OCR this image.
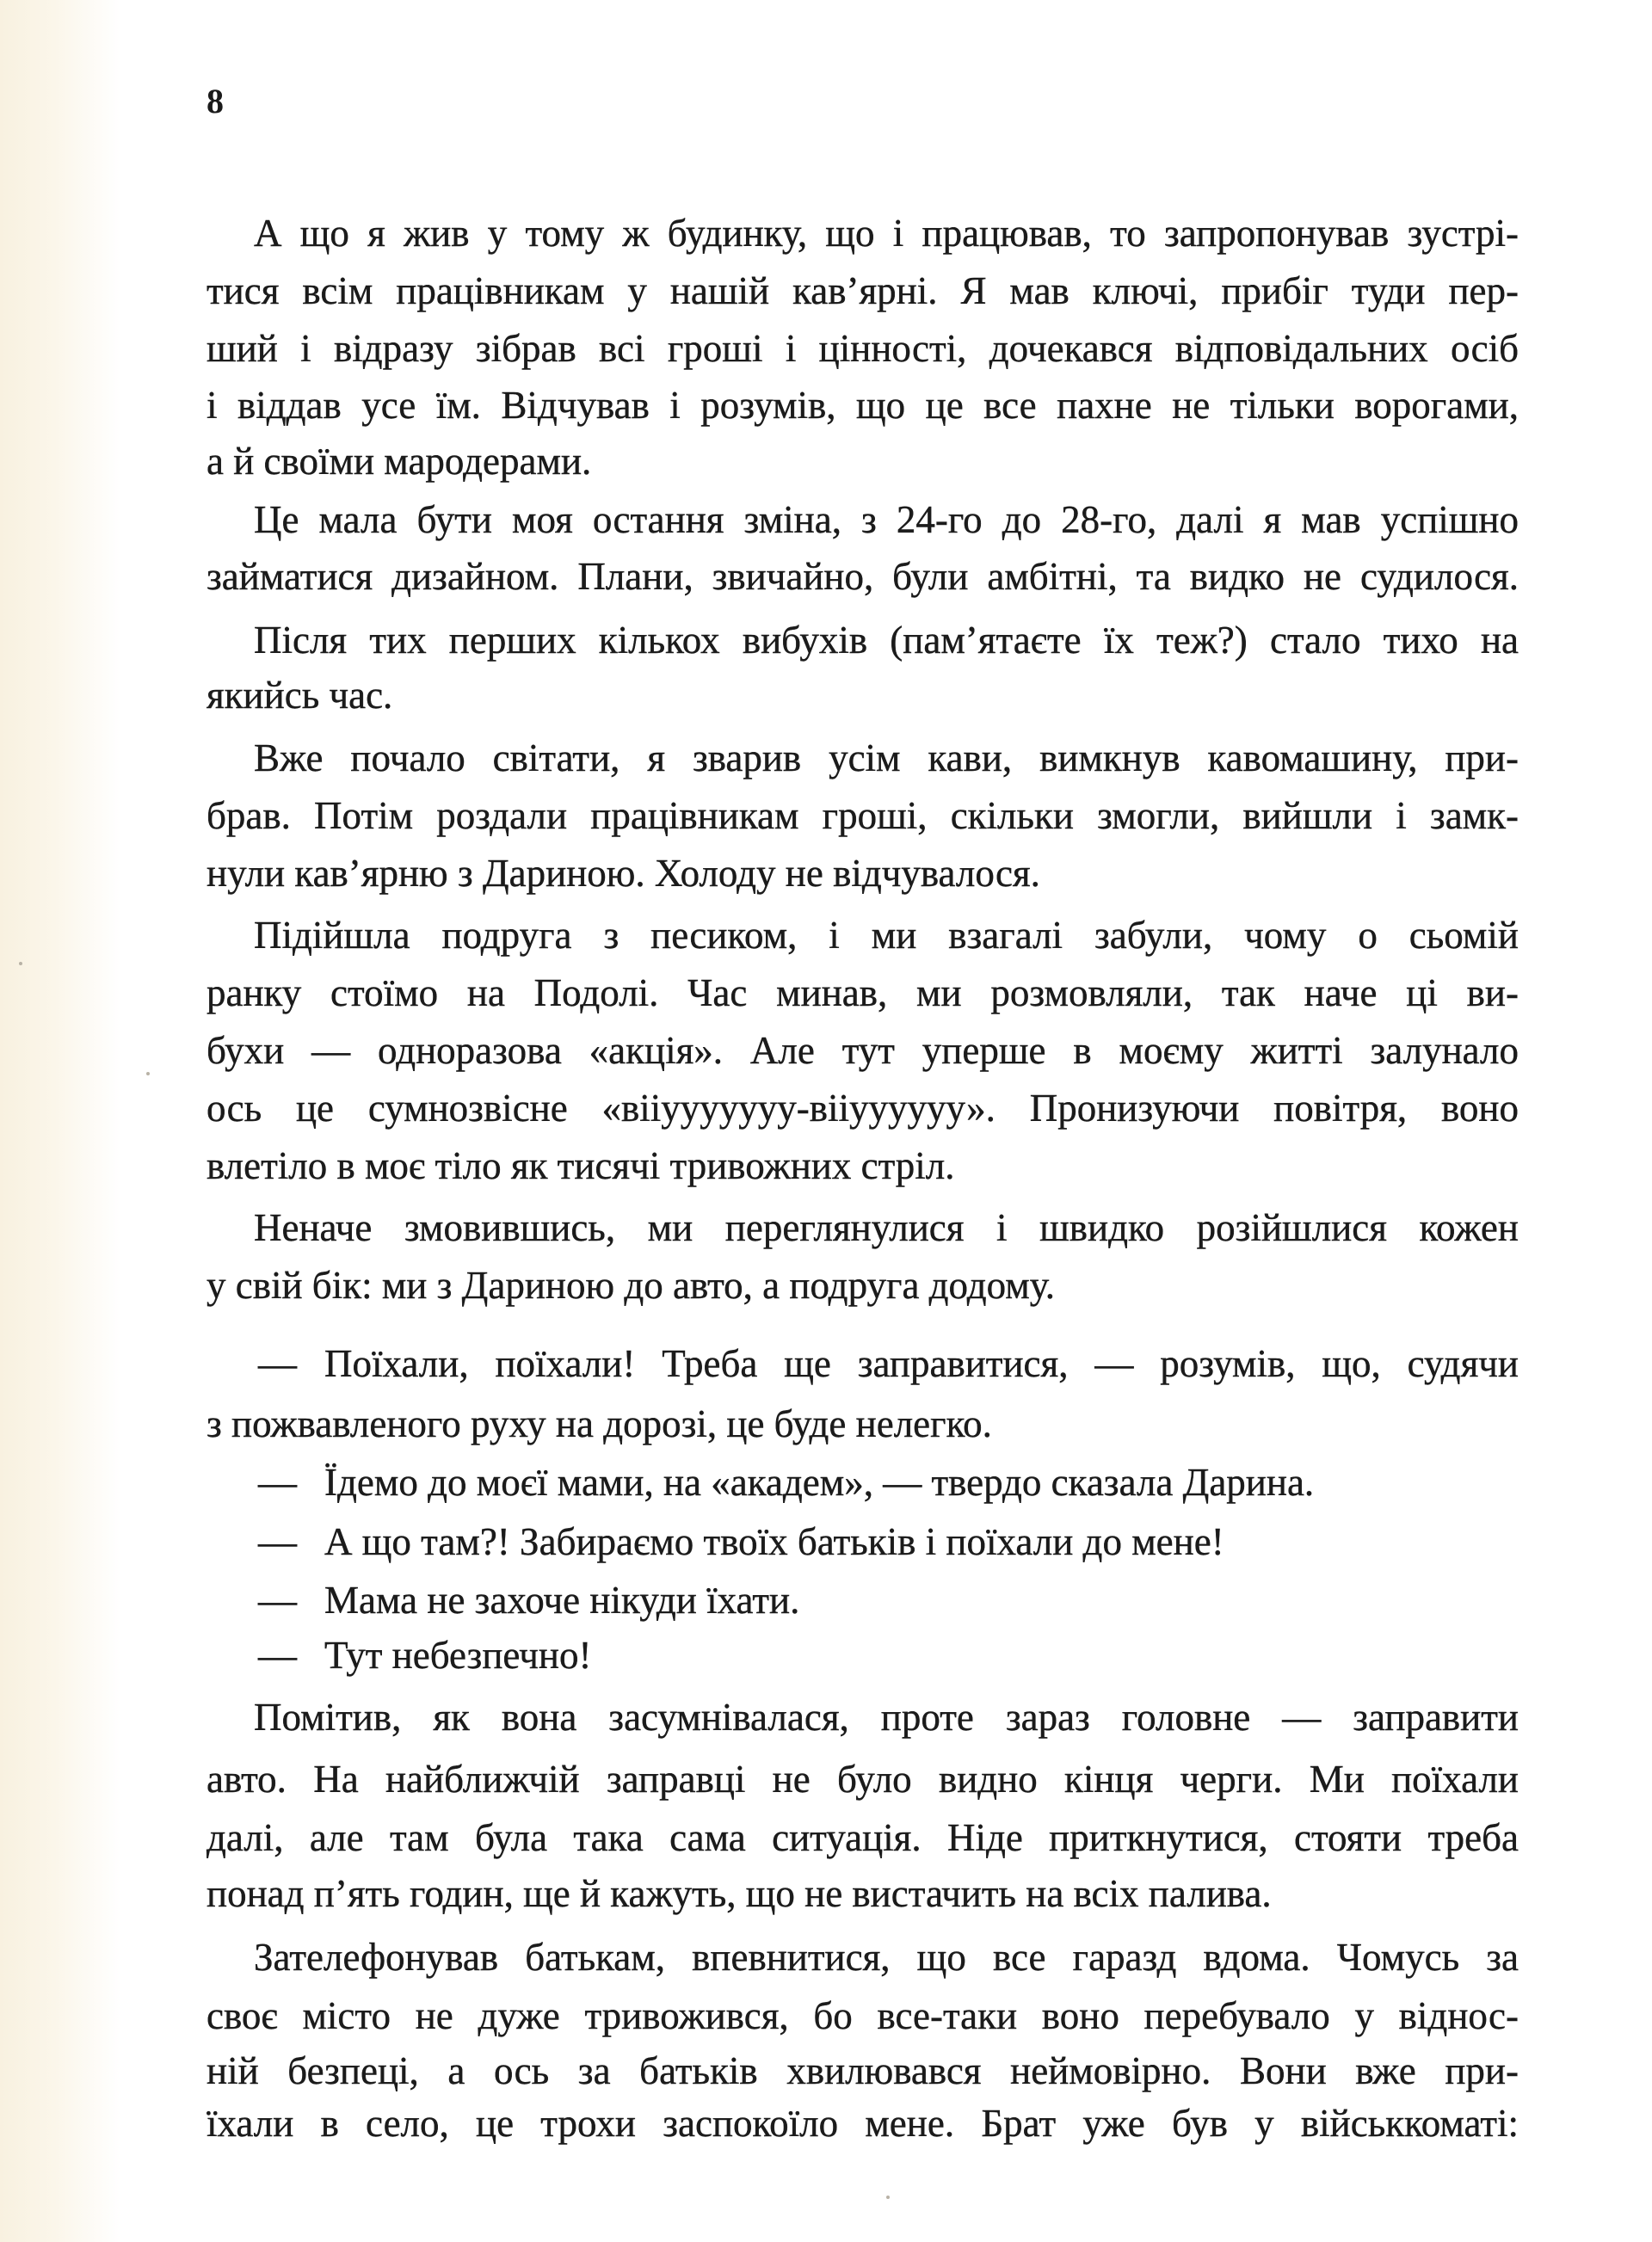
8
А що я жив у тому ж будинку, що і працював, то запропонував зустрі-
тися всім працівникам у нашій кав’ярні. Я мав ключі, прибіг туди пер-
ший і відразу зібрав всі гроші і цінності, дочекався відповідальних осіб
і віддав усе їм. Відчував і розумів, що це все пахне не тільки ворогами,
а й своїми мародерами.
Це мала бути моя остання зміна, з 24-го до 28-го, далі я мав успішно
займатися дизайном. Плани, звичайно, були амбітні, та видко не судилося.
Після тих перших кількох вибухів (пам’ятаєте їх теж?) стало тихо на
якийсь час.
Вже почало світати, я зварив усім кави, вимкнув кавомашину, при-
брав. Потім роздали працівникам гроші, скільки змогли, вийшли і замк-
нули кав’ярню з Дариною. Холоду не відчувалося.
Підійшла подруга з песиком, і ми взагалі забули, чому о сьомій
ранку стоїмо на Подолі. Час минав, ми розмовляли, так наче ці ви-
бухи — одноразова «акція». Але тут уперше в моєму житті залунало
ось це сумнозвісне «вііууууууу-вііуууууу». Пронизуючи повітря, воно
влетіло в моє тіло як тисячі тривожних стріл.
Неначе змовившись, ми переглянулися і швидко розійшлися кожен
у свій бік: ми з Дариною до авто, а подруга додому.
— Поїхали, поїхали! Треба ще заправитися, — розумів, що, судячи
з пожвавленого руху на дорозі, це буде нелегко.
— Їдемо до моєї мами, на «академ», — твердо сказала Дарина.
— А що там?! Забираємо твоїх батьків і поїхали до мене!
— Мама не захоче нікуди їхати.
— Тут небезпечно!
Помітив, як вона засумнівалася, проте зараз головне — заправити
авто. На найближчій заправці не було видно кінця черги. Ми поїхали
далі, але там була така сама ситуація. Ніде приткнутися, стояти треба
понад п’ять годин, ще й кажуть, що не вистачить на всіх палива.
Зателефонував батькам, впевнитися, що все гаразд вдома. Чомусь за
своє місто не дуже тривожився, бо все-таки воно перебувало у віднос-
ній безпеці, а ось за батьків хвилювався неймовірно. Вони вже при-
їхали в село, це трохи заспокоїло мене. Брат уже був у військкоматі:
